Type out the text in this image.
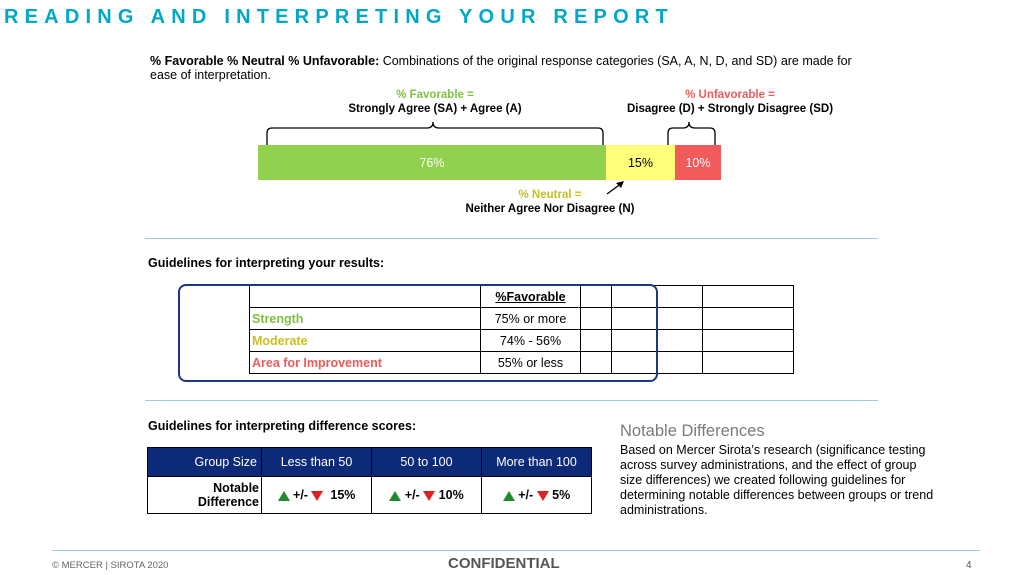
READING AND INTERPRETING YOUR REPORT
% Favorable % Neutral % Unfavorable: Combinations of the original response categories (SA, A, N, D, and SD) are made for ease of interpretation.
% Favorable =
Strongly Agree (SA) + Agree (A)
% Unfavorable =
Disagree (D) + Strongly Disagree (SD)
76%	15%	10%
% Neutral =
Neither Agree Nor Disagree (N)
Guidelines for interpreting your results:
	%Favorable			
Strength	75% or more			
Moderate	74% - 56%			
Area for Improvement	55% or less			
Guidelines for interpreting difference scores:
Group Size	Less than 50	50 to 100	More than 100
Notable Difference	+/- 15%	+/- 10%	+/- 5%
Notable Differences
Based on Mercer Sirota’s research (significance testing across survey administrations, and the effect of group size differences) we created following guidelines for determining notable differences between groups or trend administrations.
© MERCER | SIROTA 2020	CONFIDENTIAL	4
